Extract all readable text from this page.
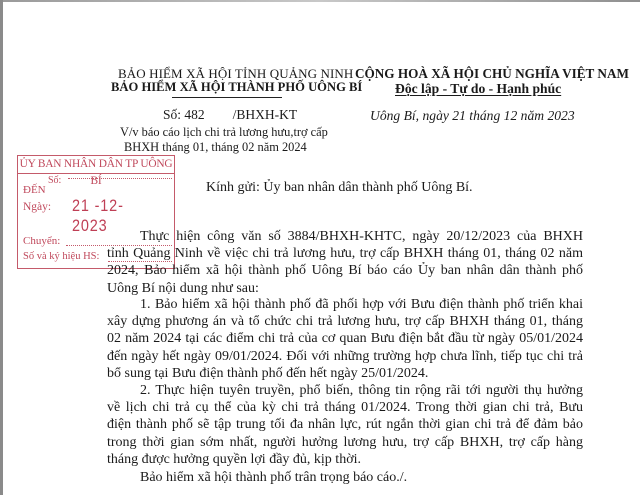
BẢO HIỂM XÃ HỘI TỈNH QUẢNG NINH
BẢO HIỂM XÃ HỘI THÀNH PHỐ UÔNG BÍ
Số: 482 /BHXH-KT
V/v báo cáo lịch chi trả lương hưu,trợ cấp
BHXH tháng 01, tháng 02 năm 2024
CỘNG HOÀ XÃ HỘI CHỦ NGHĨA VIỆT NAM
Độc lập - Tự do - Hạnh phúc
Uông Bí, ngày 21 tháng 12 năm 2023
ỦY BAN NHÂN DÂN TP UÔNG BÍ
Số:
ĐẾN
Ngày: 21 -12- 2023
Chuyển:
Số và ký hiệu HS:
Kính gửi: Ủy ban nhân dân thành phố Uông Bí.
Thực hiện công văn số 3884/BHXH-KHTC, ngày 20/12/2023 của BHXH
tỉnh Quảng Ninh về việc chi trả lương hưu, trợ cấp BHXH tháng 01, tháng 02 năm
2024, Bảo hiểm xã hội thành phố Uông Bí báo cáo Ủy ban nhân dân thành phố
Uông Bí nội dung như sau:
1. Bảo hiểm xã hội thành phố đã phối hợp với Bưu điện thành phố triển khai
xây dựng phương án và tổ chức chi trả lương hưu, trợ cấp BHXH tháng 01, tháng
02 năm 2024 tại các điểm chi trả của cơ quan Bưu điện bắt đầu từ ngày 05/01/2024
đến ngày hết ngày 09/01/2024. Đối với những trường hợp chưa lĩnh, tiếp tục chi trả
bổ sung tại Bưu điện thành phố đến hết ngày 25/01/2024.
2. Thực hiện tuyên truyền, phổ biến, thông tin rộng rãi tới người thụ hưởng
về lịch chi trả cụ thể của kỳ chi trả tháng 01/2024. Trong thời gian chi trả, Bưu
điện thành phố sẽ tập trung tối đa nhân lực, rút ngắn thời gian chi trả để đảm bảo
trong thời gian sớm nhất, người hưởng lương hưu, trợ cấp BHXH, trợ cấp hàng
tháng được hưởng quyền lợi đầy đủ, kịp thời.
Bảo hiểm xã hội thành phố trân trọng báo cáo./.
